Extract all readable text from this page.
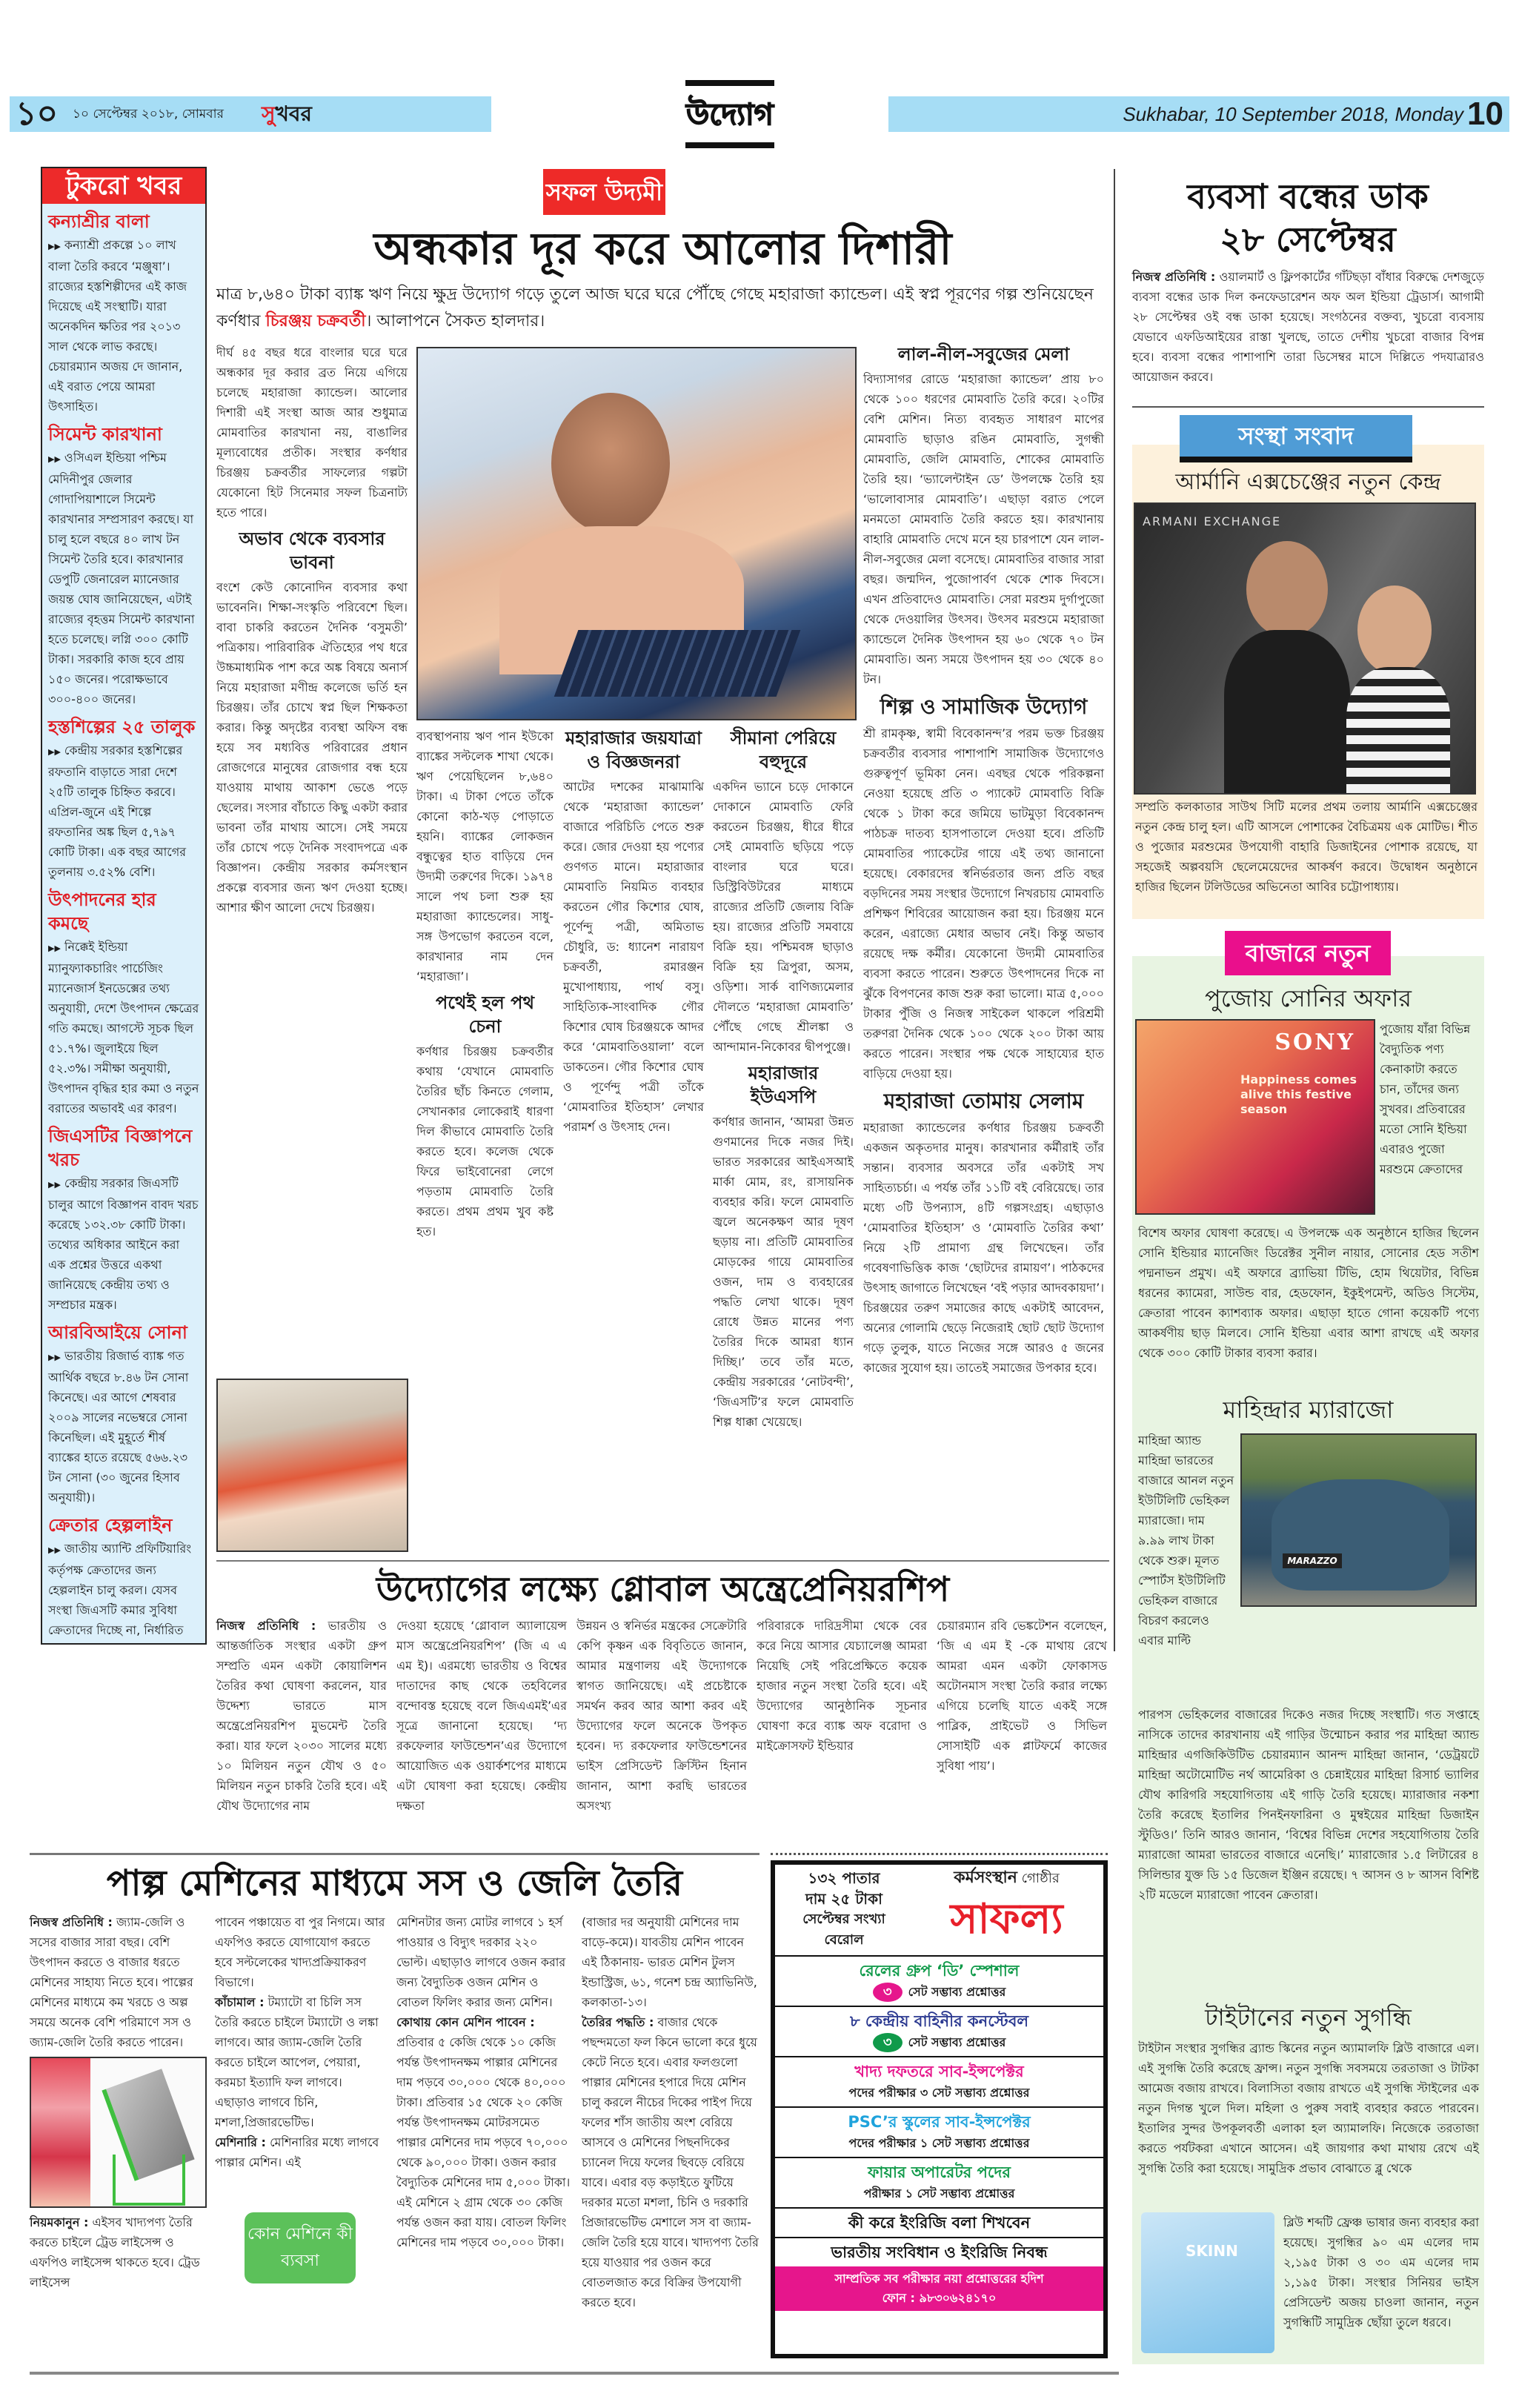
১০ ১০ সেপ্টেম্বর ২০১৮, সোমবার সুখবর	উদ্যোগ	Sukhabar, 10 September 2018, Monday 10
টুকরো খবর
কন্যাশ্রীর বালা
▶▶ কন্যাশ্রী প্রকল্পে ১০ লাখ বালা তৈরি করবে ‘মঞ্জুষা’। রাজ্যের হস্তশিল্পীদের এই কাজ দিয়েছে এই সংস্থাটি। যারা অনেকদিন ক্ষতির পর ২০১৩ সাল থেকে লাভ করছে। চেয়ারম্যান অজয় দে জানান, এই বরাত পেয়ে আমরা উৎসাহিত।
সিমেন্ট কারখানা
▶▶ ওসিএল ইন্ডিয়া পশ্চিম মেদিনীপুর জেলার গোদাপিয়াশালে সিমেন্ট কারখানার সম্প্রসারণ করছে। যা চালু হলে বছরে ৪০ লাখ টন সিমেন্ট তৈরি হবে। কারখানার ডেপুটি জেনারেল ম্যানেজার জয়ন্ত ঘোষ জানিয়েছেন, এটাই রাজ্যের বৃহত্তম সিমেন্ট কারখানা হতে চলেছে। লগ্নি ৩০০ কোটি টাকা। সরকারি কাজ হবে প্রায় ১৫০ জনের। পরোক্ষভাবে ৩০০-৪০০ জনের।
হস্তশিল্পের ২৫ তালুক
▶▶ কেন্দ্রীয় সরকার হস্তশিল্পের রফতানি বাড়াতে সারা দেশে ২৫টি তালুক চিহ্নিত করবে। এপ্রিল-জুনে এই শিল্পে রফতানির অঙ্ক ছিল ৫,৭৯৭ কোটি টাকা। এক বছর আগের তুলনায় ৩.৫২% বেশি।
উৎপাদনের হার কমছে
▶▶ নিক্কেই ইন্ডিয়া ম্যানুফ্যাকচারিং পার্চেজিং ম্যানেজার্স ইনডেক্সের তথ্য অনুযায়ী, দেশে উৎপাদন ক্ষেত্রের গতি কমছে। আগস্টে সূচক ছিল ৫১.৭%। জুলাইয়ে ছিল ৫২.৩%। সমীক্ষা অনুযায়ী, উৎপাদন বৃদ্ধির হার কমা ও নতুন বরাতের অভাবই এর কারণ।
জিএসটির বিজ্ঞাপনে খরচ
▶▶ কেন্দ্রীয় সরকার জিএসটি চালুর আগে বিজ্ঞাপন বাবদ খরচ করেছে ১৩২.৩৮ কোটি টাকা। তথ্যের অধিকার আইনে করা এক প্রশ্নের উত্তরে একথা জানিয়েছে কেন্দ্রীয় তথ্য ও সম্প্রচার মন্ত্রক।
আরবিআইয়ে সোনা
▶▶ ভারতীয় রিজার্ভ ব্যাঙ্ক গত আর্থিক বছরে ৮.৪৬ টন সোনা কিনেছে। এর আগে শেষবার ২০০৯ সালের নভেম্বরে সোনা কিনেছিল। এই মুহূর্তে শীর্ষ ব্যাঙ্কের হাতে রয়েছে ৫৬৬.২৩ টন সোনা (৩০ জুনের হিসাব অনুযায়ী)।
ক্রেতার হেল্পলাইন
▶▶ জাতীয় অ্যান্টি প্রফিটিয়ারিং কর্তৃপক্ষ ক্রেতাদের জন্য হেল্পলাইন চালু করল। যেসব সংস্থা জিএসটি কমার সুবিধা ক্রেতাদের দিচ্ছে না, নির্ধারিত
সফল উদ্যমী
অন্ধকার দূর করে আলোর দিশারী
মাত্র ৮,৬৪০ টাকা ব্যাঙ্ক ঋণ নিয়ে ক্ষুদ্র উদ্যোগ গড়ে তুলে আজ ঘরে ঘরে পৌঁছে গেছে মহারাজা ক্যান্ডেল। এই স্বপ্ন পূরণের গল্প শুনিয়েছেন কর্ণধার চিরঞ্জয় চক্রবর্তী। আলাপনে সৈকত হালদার।

দীর্ঘ ৪৫ বছর ধরে বাংলার ঘরে ঘরে অন্ধকার দূর করার ব্রত নিয়ে এগিয়ে চলেছে মহারাজা ক্যান্ডেল। আলোর দিশারী এই সংস্থা আজ আর শুধুমাত্র মোমবাতির কারখানা নয়, বাঙালির মূল্যবোধের প্রতীক। সংস্থার কর্ণধার চিরঞ্জয় চক্রবর্তীর সাফল্যের গল্পটা যেকোনো হিট সিনেমার সফল চিত্রনাট্য হতে পারে।

অভাব থেকে ব্যবসার ভাবনা

বংশে কেউ কোনোদিন ব্যবসার কথা ভাবেননি। শিক্ষা-সংস্কৃতি পরিবেশে ছিল। বাবা চাকরি করতেন দৈনিক ‘বসুমতী’ পত্রিকায়। পারিবারিক ঐতিহ্যের পথ ধরে উচ্চমাধ্যমিক পাশ করে অঙ্ক বিষয়ে অনার্স নিয়ে মহারাজা মণীন্দ্র কলেজে ভর্তি হন চিরঞ্জয়। তাঁর চোখে স্বপ্ন ছিল শিক্ষকতা করার। কিন্তু অদৃষ্টের ব্যবস্থা অফিস বন্ধ হয়ে সব মধ্যবিত্ত পরিবারের প্রধান রোজগেরে মানুষের রোজগার বন্ধ হয়ে যাওয়ায় মাথায় আকাশ ভেঙে পড়ে ছেলের। সংসার বাঁচাতে কিছু একটা করার ভাবনা তাঁর মাথায় আসে। সেই সময়ে তাঁর চোখে পড়ে দৈনিক সংবাদপত্রে এক বিজ্ঞাপন। কেন্দ্রীয় সরকার কর্মসংস্থান প্রকল্পে ব্যবসার জন্য ঋণ দেওয়া হচ্ছে। আশার ক্ষীণ আলো দেখে চিরঞ্জয়।

ব্যবস্থাপনায় ঋণ পান ইউকো ব্যাঙ্কের সল্টলেক শাখা থেকে। ঋণ পেয়েছিলেন ৮,৬৪০ টাকা। এ টাকা পেতে তাঁকে কোনো কাঠ-খড় পোড়াতে হয়নি। ব্যাঙ্কের লোকজন বন্ধুত্বের হাত বাড়িয়ে দেন উদ্যমী তরুণের দিকে। ১৯৭৪ সালে পথ চলা শুরু হয় মহারাজা ক্যান্ডেলের। সাধু-সঙ্গ উপভোগ করতেন বলে, কারখানার নাম দেন ‘মহারাজা’।

পথেই হল পথ চেনা

কর্ণধার চিরঞ্জয় চক্রবর্তীর কথায় ‘যেখানে মোমবাতি তৈরির ছাঁচ কিনতে গেলাম, সেখানকার লোকেরাই ধারণা দিল কীভাবে মোমবাতি তৈরি করতে হবে। কলেজ থেকে ফিরে ভাইবোনেরা লেগে পড়তাম মোমবাতি তৈরি করতে। প্রথম প্রথম খুব কষ্ট হত।

মহারাজার জয়যাত্রা ও বিজ্ঞজনরা

আটের দশকের মাঝামাঝি থেকে ‘মহারাজা ক্যান্ডেল’ বাজারে পরিচিতি পেতে শুরু করে। জোর দেওয়া হয় পণ্যের গুণগত মানে। মহারাজার মোমবাতি নিয়মিত ব্যবহার করতেন গৌর কিশোর ঘোষ, পূর্ণেন্দু পত্রী, অমিতাভ চৌধুরি, ড: ধ্যানেশ নারায়ণ চক্রবর্তী, রমারঞ্জন মুখোপাধ্যায়, পার্থ বসু। সাহিত্যিক-সাংবাদিক গৌর কিশোর ঘোষ চিরঞ্জয়কে আদর করে ‘মোমবাতিওয়ালা’ বলে ডাকতেন। গৌর কিশোর ঘোষ ও পূর্ণেন্দু পত্রী তাঁকে ‘মোমবাতির ইতিহাস’ লেখার পরামর্শ ও উৎসাহ দেন।

সীমানা পেরিয়ে বহুদূরে

একদিন ভ্যানে চড়ে দোকানে দোকানে মোমবাতি ফেরি করতেন চিরঞ্জয়, ধীরে ধীরে সেই মোমবাতি ছড়িয়ে পড়ে বাংলার ঘরে ঘরে। ডিস্ট্রিবিউটরের মাধ্যমে রাজ্যের প্রতিটি জেলায় বিক্রি হয়। রাজ্যের প্রতিটি সমবায়ে বিক্রি হয়। পশ্চিমবঙ্গ ছাড়াও বিক্রি হয় ত্রিপুরা, অসম, ওড়িশা। সার্ক বাণিজ্যমেলার দৌলতে ‘মহারাজা মোমবাতি’ পৌঁছে গেছে শ্রীলঙ্কা ও আন্দামান-নিকোবর দ্বীপপুঞ্জে।

মহারাজার ইউএসপি

কর্ণধার জানান, ‘আমরা উন্নত গুণমানের দিকে নজর দিই। ভারত সরকারের আইএসআই মার্কা মোম, রং, রাসায়নিক ব্যবহার করি। ফলে মোমবাতি জ্বলে অনেকক্ষণ আর দূষণ ছড়ায় না। প্রতিটি মোমবাতির মোড়কের গায়ে মোমবাতির ওজন, দাম ও ব্যবহারের পদ্ধতি লেখা থাকে। দূষণ রোধে উন্নত মানের পণ্য তৈরির দিকে আমরা ধ্যান দিচ্ছি।’ তবে তাঁর মতে, কেন্দ্রীয় সরকারের ‘নোটবন্দী’, ‘জিএসটি’র ফলে মোমবাতি শিল্প ধাক্কা খেয়েছে।

লাল-নীল-সবুজের মেলা

বিদ্যাসাগর রোডে ‘মহারাজা ক্যান্ডেল’ প্রায় ৮০ থেকে ১০০ ধরণের মোমবাতি তৈরি করে। ২০টির বেশি মেশিন। নিত্য ব্যবহৃত সাধারণ মাপের মোমবাতি ছাড়াও রঙিন মোমবাতি, সুগন্ধী মোমবাতি, জেলি মোমবাতি, শোকের মোমবাতি তৈরি হয়। ‘ভ্যালেন্টাইন ডে’ উপলক্ষে তৈরি হয় ‘ভালোবাসার মোমবাতি’। এছাড়া বরাত পেলে মনমতো মোমবাতি তৈরি করতে হয়। কারখানায় বাহারি মোমবাতি দেখে মনে হয় চারপাশে যেন লাল-নীল-সবুজের মেলা বসেছে। মোমবাতির বাজার সারা বছর। জন্মদিন, পুজোপার্বণ থেকে শোক দিবসে। এখন প্রতিবাদেও মোমবাতি। সেরা মরশুম দুর্গাপুজো থেকে দেওয়ালির উৎসব। উৎসব মরশুমে মহারাজা ক্যান্ডেলে দৈনিক উৎপাদন হয় ৬০ থেকে ৭০ টন মোমবাতি। অন্য সময়ে উৎপাদন হয় ৩০ থেকে ৪০ টন।

শিল্প ও সামাজিক উদ্যোগ

শ্রী রামকৃষ্ণ, স্বামী বিবেকানন্দ’র পরম ভক্ত চিরঞ্জয় চক্রবর্তীর ব্যবসার পাশাপাশি সামাজিক উদ্যোগেও গুরুত্বপূর্ণ ভূমিকা নেন। এবছর থেকে পরিকল্পনা নেওয়া হয়েছে প্রতি ৩ প্যাকেট মোমবাতি বিক্রি থেকে ১ টাকা করে জমিয়ে ভাটমুড়া বিবেকানন্দ পাঠচক্র দাতব্য হাসপাতালে দেওয়া হবে। প্রতিটি মোমবাতির প্যাকেটের গায়ে এই তথ্য জানানো হয়েছে। বেকারদের স্বনির্ভরতার জন্য প্রতি বছর বড়দিনের সময় সংস্থার উদ্যোগে নিখরচায় মোমবাতি প্রশিক্ষণ শিবিরের আয়োজন করা হয়। চিরঞ্জয় মনে করেন, এরাজ্যে মেধার অভাব নেই। কিন্তু অভাব রয়েছে দক্ষ কর্মীর। যেকোনো উদ্যমী মোমবাতির ব্যবসা করতে পারেন। শুরুতে উৎপাদনের দিকে না ঝুঁকে বিপণনের কাজ শুরু করা ভালো। মাত্র ৫,০০০ টাকার পুঁজি ও নিজস্ব সাইকেল থাকলে পরিশ্রমী তরুণরা দৈনিক থেকে ১০০ থেকে ২০০ টাকা আয় করতে পারেন। সংস্থার পক্ষ থেকে সাহায্যের হাত বাড়িয়ে দেওয়া হয়।

মহারাজা তোমায় সেলাম

মহারাজা ক্যান্ডেলের কর্ণধার চিরঞ্জয় চক্রবর্তী একজন অকৃতদার মানুষ। কারখানার কর্মীরাই তাঁর সন্তান। ব্যবসার অবসরে তাঁর একটাই সখ সাহিত্যচর্চা। এ পর্যন্ত তাঁর ১১টি বই বেরিয়েছে। তার মধ্যে ৩টি উপন্যাস, ৪টি গল্পসংগ্রহ। এছাড়াও ‘মোমবাতির ইতিহাস’ ও ‘মোমবাতি তৈরির কথা’ নিয়ে ২টি প্রামাণ্য গ্রন্থ লিখেছেন। তাঁর গবেষণাভিত্তিক কাজ ‘ছোটদের রামায়ণ’। পাঠকদের উৎসাহ জাগাতে লিখেছেন ‘বই পড়ার আদবকায়দা’। চিরঞ্জয়ের তরুণ সমাজের কাছে একটাই আবেদন, অন্যের গোলামি ছেড়ে নিজেরাই ছোট ছোট উদ্যোগ গড়ে তুলুক, যাতে নিজের সঙ্গে আরও ৫ জনের কাজের সুযোগ হয়। তাতেই সমাজের উপকার হবে।

ব্যবসা বন্ধের ডাক
২৮ সেপ্টেম্বর
নিজস্ব প্রতিনিধি : ওয়ালমার্ট ও ফ্লিপকার্টের গাঁটছড়া বাঁধার বিরুদ্ধে দেশজুড়ে ব্যবসা বন্ধের ডাক দিল কনফেডারেশন অফ অল ইন্ডিয়া ট্রেডার্স। আগামী ২৮ সেপ্টেম্বর ওই বন্ধ ডাকা হয়েছে। সংগঠনের বক্তব্য, খুচরো ব্যবসায় যেভাবে এফডিআইয়ের রাস্তা খুলছে, তাতে দেশীয় খুচরো বাজার বিপন্ন হবে। ব্যবসা বন্ধের পাশাপাশি তারা ডিসেম্বর মাসে দিল্লিতে পদযাত্রারও আয়োজন করবে।
সংস্থা সংবাদ
আর্মানি এক্সচেঞ্জের নতুন কেন্দ্র
ARMANI EXCHANGE
সম্প্রতি কলকাতার সাউথ সিটি মলের প্রথম তলায় আর্মানি এক্সচেঞ্জের নতুন কেন্দ্র চালু হল। এটি আসলে পোশাকের বৈচিত্রময় এক মোটিভ। শীত ও পুজোর মরশুমের উপযোগী বাহারি ডিজাইনের পোশাক রয়েছে, যা সহজেই অল্পবয়সি ছেলেমেয়েদের আকর্ষণ করবে। উদ্বোধন অনুষ্ঠানে হাজির ছিলেন টলিউডের অভিনেতা আবির চট্টোপাধ্যায়।
বাজারে নতুন
পুজোয় সোনির অফার
SONY
Happiness comes alive this festive season
পুজোয় যাঁরা বিভিন্ন বৈদ্যুতিক পণ্য কেনাকাটা করতে চান, তাঁদের জন্য সুখবর। প্রতিবারের মতো সোনি ইন্ডিয়া এবারও পুজো মরশুমে ক্রেতাদের
বিশেষ অফার ঘোষণা করেছে। এ উপলক্ষে এক অনুষ্ঠানে হাজির ছিলেন সোনি ইন্ডিয়ার ম্যানেজিং ডিরেক্টর সুনীল নায়ার, সোনোর হেড সতীশ পদ্মনাভন প্রমুখ। এই অফারে ব্র্যাভিয়া টিভি, হোম থিয়েটার, বিভিন্ন ধরনের ক্যামেরা, সাউন্ড বার, হেডফোন, ইকুইপমেন্ট, অডিও সিস্টেম, ক্রেতারা পাবেন ক্যাশব্যাক অফার। এছাড়া হাতে গোনা কয়েকটি পণ্যে আকর্ষণীয় ছাড় মিলবে। সোনি ইন্ডিয়া এবার আশা রাখছে এই অফার থেকে ৩০০ কোটি টাকার ব্যবসা করার।
মাহিন্দ্রার ম্যারাজো
মাহিন্দ্রা অ্যান্ড মাহিন্দ্রা ভারতের বাজারে আনল নতুন ইউটিলিটি ভেহিকল ম্যারাজো। দাম ৯.৯৯ লাখ টাকা থেকে শুরু। মূলত স্পোর্টস ইউটিলিটি ভেহিকল বাজারে বিচরণ করলেও এবার মাল্টি
MARAZZO
পারপস ভেহিকলের বাজারের দিকেও নজর দিচ্ছে সংস্থাটি। গত সপ্তাহে নাসিকে তাদের কারখানায় এই গাড়ির উন্মোচন করার পর মাহিন্দ্রা অ্যান্ড মাহিন্দ্রার এগজিকিউটিভ চেয়ারম্যান আনন্দ মাহিন্দ্রা জানান, ‘ডেট্রয়টে মাহিন্দ্রা অটোমোটিভ নর্থ আমেরিকা ও চেন্নাইয়ের মাহিন্দ্রা রিসার্চ ভ্যালির যৌথ কারিগরি সহযোগিতায় এই গাড়ি তৈরি হয়েছে। ম্যারাজার নকশা তৈরি করেছে ইতালির পিনইনফারিনা ও মুম্বইয়ের মাহিন্দ্রা ডিজাইন স্টুডিও।’ তিনি আরও জানান, ‘বিশ্বের বিভিন্ন দেশের সহযোগিতায় তৈরি ম্যারাজো আমরা ভারতের বাজারে এনেছি।’ ম্যারাজোর ১.৫ লিটারের ৪ সিলিন্ডার যুক্ত ডি ১৫ ডিজেল ইঞ্জিন রয়েছে। ৭ আসন ও ৮ আসন বিশিষ্ট ২টি মডেলে ম্যারাজো পাবেন ক্রেতারা।
টাইটানের নতুন সুগন্ধি
টাইটান সংস্থার সুগন্ধির ব্র্যান্ড স্কিনের নতুন অ্যামালফি ব্লিউ বাজারে এল। এই সুগন্ধি তৈরি করেছে ফ্রান্স। নতুন সুগন্ধি সবসময়ে তরতাজা ও টাটকা আমেজ বজায় রাখবে। বিলাসিতা বজায় রাখতে এই সুগন্ধি স্টাইলের এক নতুন দিগন্ত খুলে দিল। মহিলা ও পুরুষ সবাই ব্যবহার করতে পারবেন। ইতালির সুন্দর উপকূলবর্তী এলাকা হল অ্যামালফি। নিজেকে তরতাজা করতে পর্যটকরা এখানে আসেন। এই জায়গার কথা মাথায় রেখে এই সুগন্ধি তৈরি করা হয়েছে। সামুদ্রিক প্রভাব বোঝাতে ব্লু থেকে
SKINN
ব্লিউ শব্দটি ফ্রেঞ্চ ভাষার জন্য ব্যবহার করা হয়েছে। সুগন্ধির ৯০ এম এলের দাম ২,১৯৫ টাকা ও ৩০ এম এলের দাম ১,১৯৫ টাকা। সংস্থার সিনিয়র ভাইস প্রেসিডেন্ট অজয় চাওলা জানান, নতুন সুগন্ধিটি সামুদ্রিক ছোঁয়া তুলে ধরবে।
উদ্যোগের লক্ষ্যে গ্লোবাল অন্ত্রেপ্রেনিয়রশিপ
নিজস্ব প্রতিনিধি : ভারতীয় ও আন্তর্জাতিক সংস্থার একটা গ্রুপ সম্প্রতি এমন একটা কোয়ালিশন তৈরির কথা ঘোষণা করলেন, যার উদ্দেশ্য ভারতে মাস অন্ত্রেপ্রেনিয়রশিপ মুভমেন্ট তৈরি করা। যার ফলে ২০৩০ সালের মধ্যে ১০ মিলিয়ন নতুন যৌথ ও ৫০ মিলিয়ন নতুন চাকরি তৈরি হবে। এই যৌথ উদ্যোগের নাম
দেওয়া হয়েছে ‘গ্লোবাল অ্যালায়েন্স মাস অন্ত্রেপ্রেনিয়রশিপ’ (জি এ এ এম ই)। এরমধ্যে ভারতীয় ও বিশ্বের দাতাদের কাছ থেকে তহবিলের বন্দোবস্ত হয়েছে বলে জিএএমই’এর সূত্রে জানানো হয়েছে। ‘দ্য রকফেলার ফাউন্ডেশন’এর উদ্যোগে আয়োজিত এক ওয়ার্কশপের মাধ্যমে এটা ঘোষণা করা হয়েছে। কেন্দ্রীয় দক্ষতা
উন্নয়ন ও স্বনির্ভর মন্ত্রকের সেক্রেটারি কেপি কৃষ্ণন এক বিবৃতিতে জানান, আমার মন্ত্রণালয় এই উদ্যোগকে স্বাগত জানিয়েছে। এই প্রচেষ্টাকে সমর্থন করব আর আশা করব এই উদ্যোগের ফলে অনেকে উপকৃত হবেন। দ্য রকফেলার ফাউন্ডেশনের ভাইস প্রেসিডেন্ট ক্রিস্টিন হিনান জানান, আশা করছি ভারতের অসংখ্য
পরিবারকে দারিদ্রসীমা থেকে বের করে নিয়ে আসার যেচ্যালেঞ্জ আমরা নিয়েছি সেই পরিপ্রেক্ষিতে কয়েক হাজার নতুন সংস্থা তৈরি হবে। এই উদ্যোগের আনুষ্ঠানিক সূচনার ঘোষণা করে ব্যাঙ্ক অফ বরোদা ও মাইক্রোসফট ইন্ডিয়ার
চেয়ারম্যান রবি ভেঙ্কটেশন বলেছেন, ‘জি এ এম ই -কে মাথায় রেখে আমরা এমন একটা ফোকাসড অটোনমাস সংস্থা তৈরি করার লক্ষ্যে এগিয়ে চলেছি যাতে একই সঙ্গে পাব্লিক, প্রাইভেট ও সিভিল সোসাইটি এক প্লাটফর্মে কাজের সুবিধা পায়’।
পাল্প মেশিনের মাধ্যমে সস ও জেলি তৈরি
নিজস্ব প্রতিনিধি : জ্যাম-জেলি ও সসের বাজার সারা বছর। বেশি উৎপাদন করতে ও বাজার ধরতে মেশিনের সাহায্য নিতে হবে। পাল্পের মেশিনের মাধ্যমে কম খরচে ও অল্প সময়ে অনেক বেশি পরিমাণে সস ও জ্যাম-জেলি তৈরি করতে পারেন।
নিয়মকানুন : এইসব খাদ্যপণ্য তৈরি করতে চাইলে ট্রেড লাইসেন্স ও এফপিও লাইসেন্স থাকতে হবে। ট্রেড লাইসেন্স
পাবেন পঞ্চায়েত বা পুর নিগমে। আর এফপিও করতে যোগাযোগ করতে হবে সল্টলেকের খাদ্যপ্রক্রিয়াকরণ বিভাগে।
কাঁচামাল : টম্যাটো বা চিলি সস তৈরি করতে চাইলে টম্যাটো ও লঙ্কা লাগবে। আর জ্যাম-জেলি তৈরি করতে চাইলে আপেল, পেয়ারা, করমচা ইত্যাদি ফল লাগবে। এছাড়াও লাগবে চিনি, মশলা,প্রিজারভেটিভ।
মেশিনারি : মেশিনারির মধ্যে লাগবে পাল্পার মেশিন। এই
কোন মেশিনে কী ব্যবসা
মেশিনটার জন্য মোটর লাগবে ১ হর্স পাওয়ার ও বিদ্যুৎ দরকার ২২০ ভোল্ট। এছাড়াও লাগবে ওজন করার জন্য বৈদ্যুতিক ওজন মেশিন ও বোতল ফিলিং করার জন্য মেশিন।
কোথায় কোন মেশিন পাবেন : প্রতিবার ৫ কেজি থেকে ১০ কেজি পর্যন্ত উৎপাদনক্ষম পাল্পার মেশিনের দাম পড়বে ৩০,০০০ থেকে ৪০,০০০ টাকা। প্রতিবার ১৫ থেকে ২০ কেজি পর্যন্ত উৎপাদনক্ষম মোটরসমেত পাল্পার মেশিনের দাম পড়বে ৭০,০০০ থেকে ৯০,০০০ টাকা। ওজন করার বৈদ্যুতিক মেশিনের দাম ৫,০০০ টাকা। এই মেশিনে ২ গ্রাম থেকে ৩০ কেজি পর্যন্ত ওজন করা যায়। বোতল ফিলিং মেশিনের দাম পড়বে ৩০,০০০ টাকা।
(বাজার দর অনুযায়ী মেশিনের দাম বাড়ে-কমে)। যাবতীয় মেশিন পাবেন এই ঠিকানায়- ভারত মেশিন টুলস ইন্ডাস্ট্রিজ, ৬১, গনেশ চন্দ্র অ্যাভিনিউ, কলকাতা-১৩।
তৈরির পদ্ধতি : বাজার থেকে পছন্দমতো ফল কিনে ভালো করে ধুয়ে কেটে নিতে হবে। এবার ফলগুলো পাল্পার মেশিনের হপারে দিয়ে মেশিন চালু করলে নীচের দিকের পাইপ দিয়ে ফলের শাঁস জাতীয় অংশ বেরিয়ে আসবে ও মেশিনের পিছনদিকের চ্যানেল দিয়ে ফলের ছিবড়ে বেরিয়ে যাবে। এবার বড় কড়াইতে ফুটিয়ে দরকার মতো মশলা, চিনি ও দরকারি প্রিজারভেটিভ মেশালে সস বা জ্যাম- জেলি তৈরি হয়ে যাবে। খাদ্যপণ্য তৈরি হয়ে যাওয়ার পর ওজন করে বোতলজাত করে বিক্রির উপযোগী করতে হবে।
১৩২ পাতার
দাম ২৫ টাকা
সেপ্টেম্বর সংখ্যা
বেরোল
কর্মসংস্থান গোষ্ঠীর
সাফল্য
রেলের গ্রুপ ‘ডি’ স্পেশাল
৩ সেট সম্ভাব্য প্রশ্নোত্তর
৮ কেন্দ্রীয় বাহিনীর কনস্টেবল
৩ সেট সম্ভাব্য প্রশ্নোত্তর
খাদ্য দফতরে সাব-ইন্সপেক্টর
পদের পরীক্ষার ৩ সেট সম্ভাব্য প্রশ্নোত্তর
PSC’র স্কুলের সাব-ইন্সপেক্টর
পদের পরীক্ষার ১ সেট সম্ভাব্য প্রশ্নোত্তর
ফায়ার অপারেটর পদের
পরীক্ষার ১ সেট সম্ভাব্য প্রশ্নোত্তর
কী করে ইংরিজি বলা শিখবেন
ভারতীয় সংবিধান ও ইংরিজি নিবন্ধ
সাম্প্রতিক সব পরীক্ষার নয়া প্রশ্নোত্তরের হদিশ
ফোন : ৯৮৩০৬২৪১৭০
